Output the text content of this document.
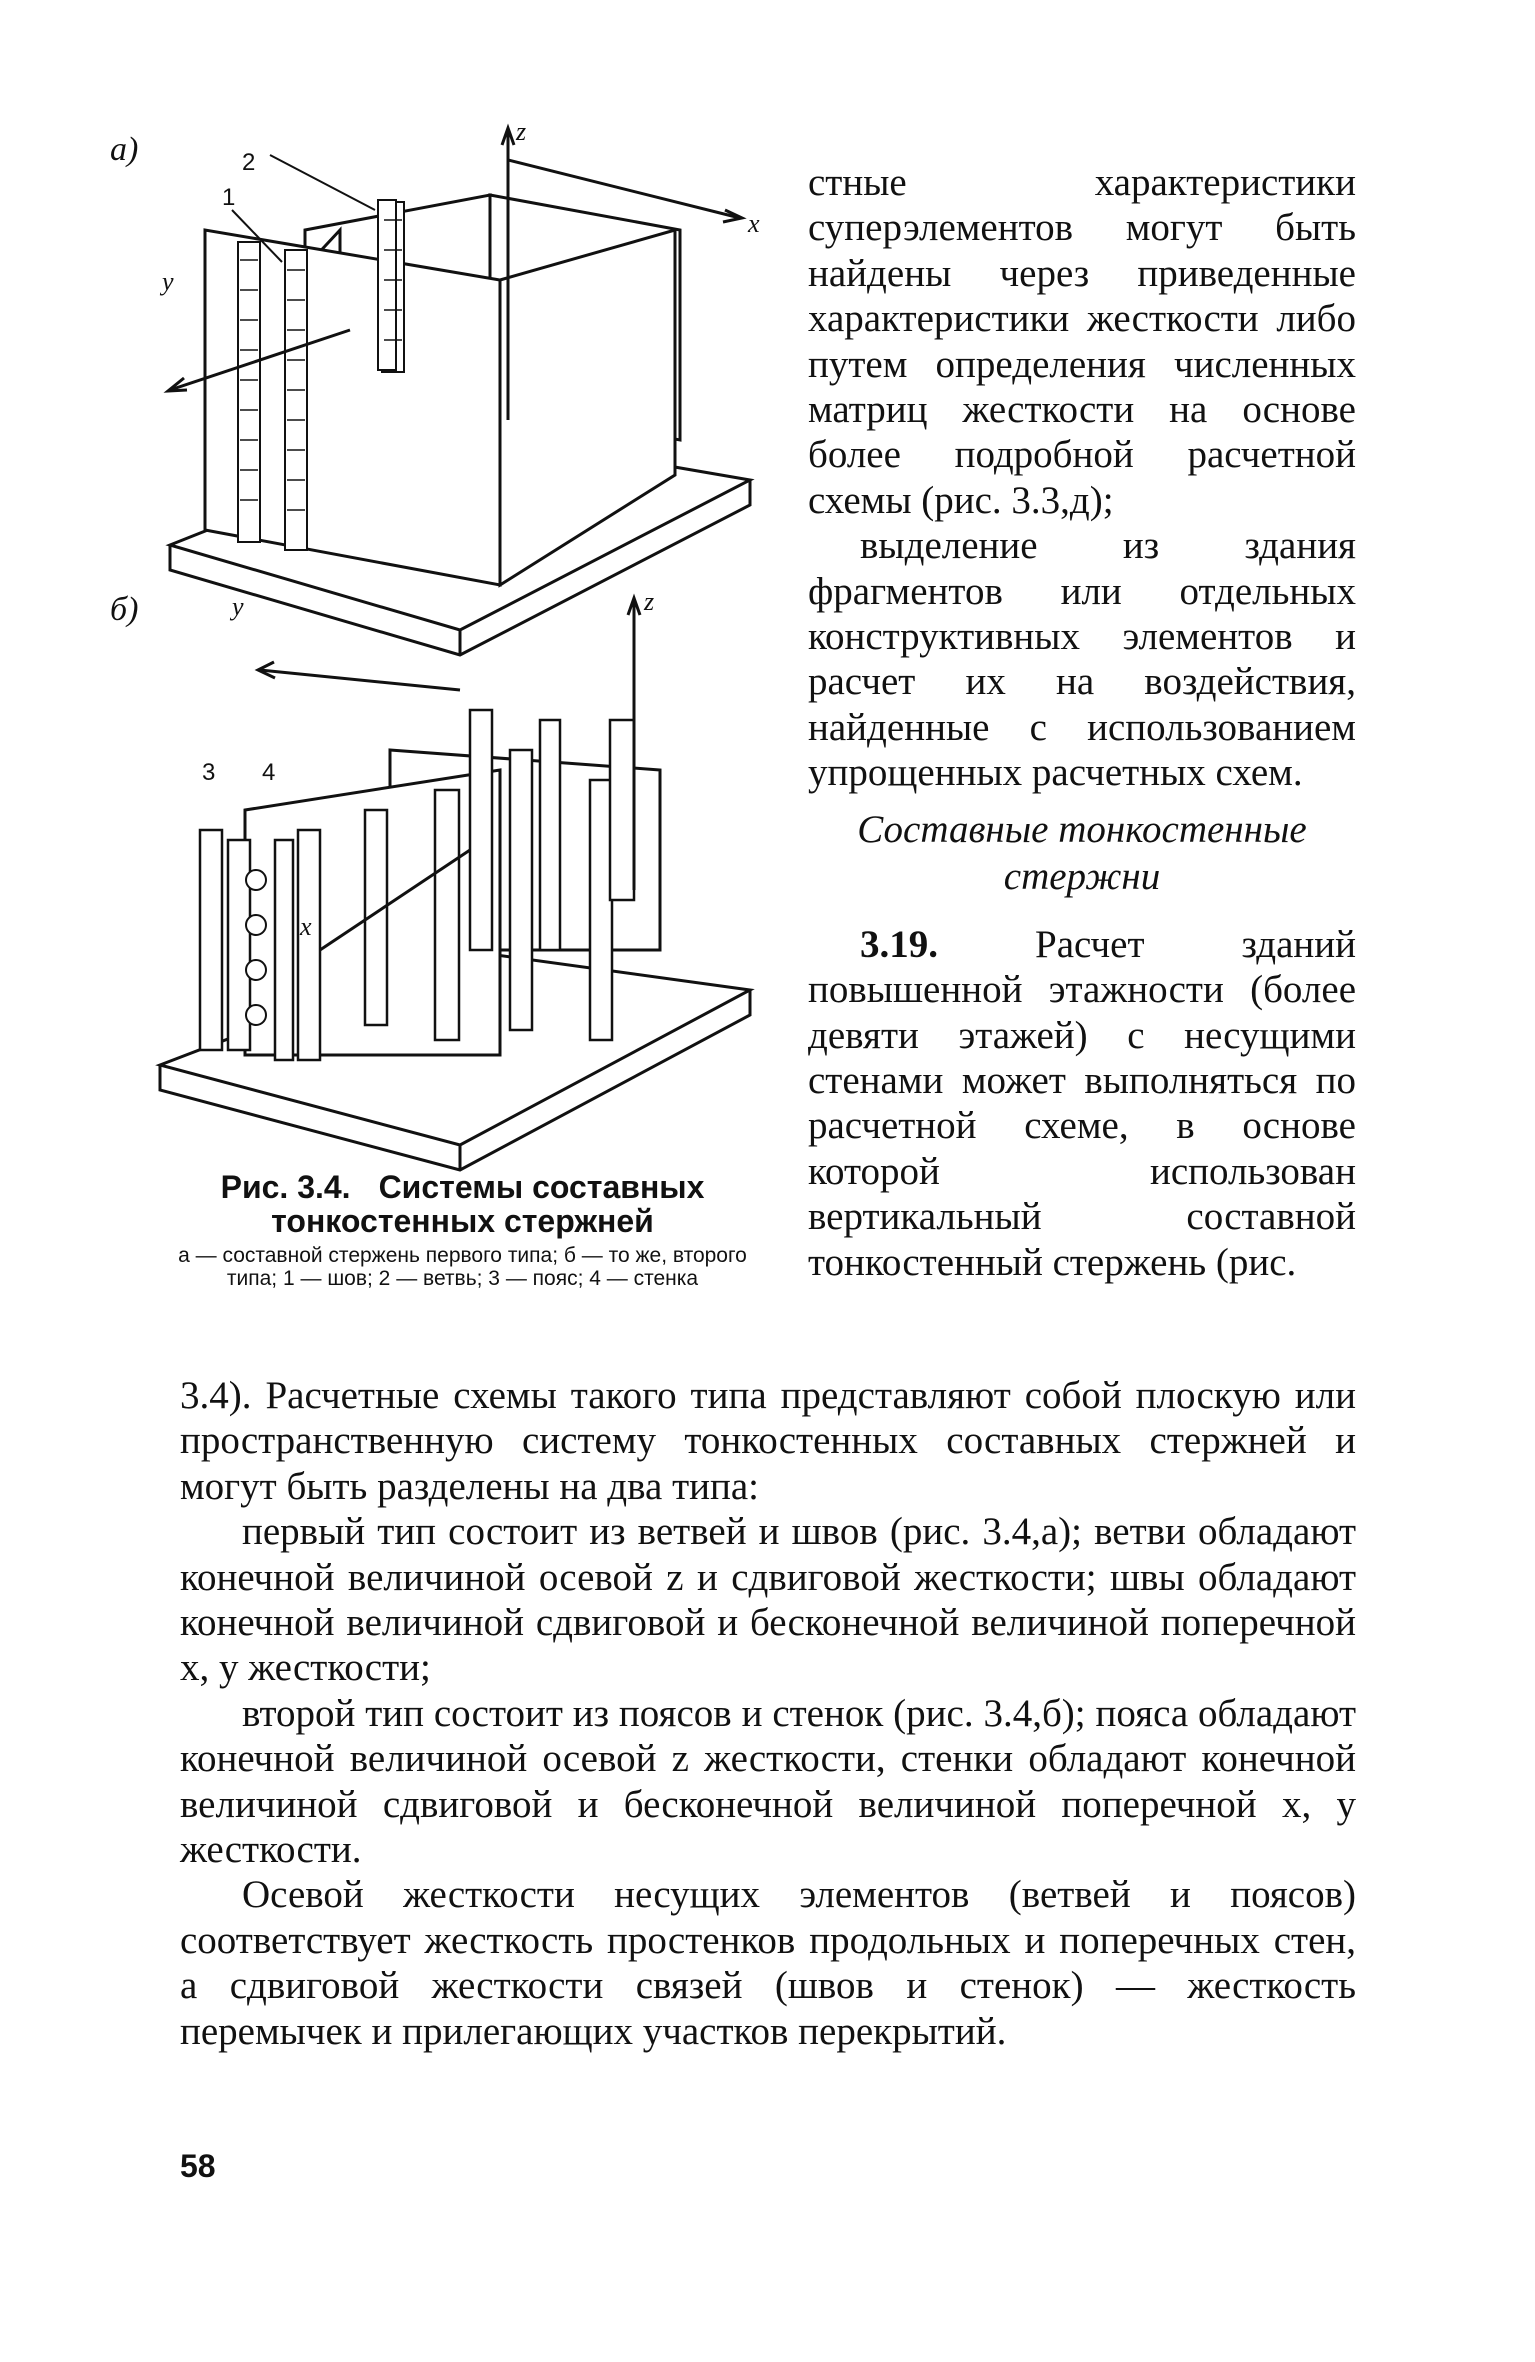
а)	z
x
y
2
1
б)	y	z
x
3 4
Рис. 3.4. Системы составных
тонкостенных стержней
а — составной стержень первого типа; б — то же, второго типа; 1 — шов; 2 — ветвь; 3 — пояс; 4 — стенка

стные характеристики суперэлементов могут быть найдены через приведенные характеристики жесткости либо путем определения численных матриц жесткости на основе более подробной расчетной схемы (рис. 3.3,д);

выделение из здания фрагментов или отдельных конструктивных элементов и расчет их на воздействия, найденные с использованием упрощенных расчетных схем.

Составные тонкостенные стержни

3.19. Расчет зданий повышенной этажности (более девяти этажей) с несущими стенами может выполняться по расчетной схеме, в основе которой использован вертикальный составной тонкостенный стержень (рис.

3.4). Расчетные схемы такого типа представляют собой плоскую или пространственную систему тонкостенных составных стержней и могут быть разделены на два типа:

первый тип состоит из ветвей и швов (рис. 3.4,а); ветви обладают конечной величиной осевой z и сдвиговой жесткости; швы обладают конечной величиной сдвиговой и бесконечной величиной поперечной x, y жесткости;

второй тип состоит из поясов и стенок (рис. 3.4,б); пояса обладают конечной величиной осевой z жесткости, стенки обладают конечной величиной сдвиговой и бесконечной величиной поперечной x, y жесткости.

Осевой жесткости несущих элементов (ветвей и поясов) соответствует жесткость простенков продольных и поперечных стен, а сдвиговой жесткости связей (швов и стенок) — жесткость перемычек и прилегающих участков перекрытий.

58
